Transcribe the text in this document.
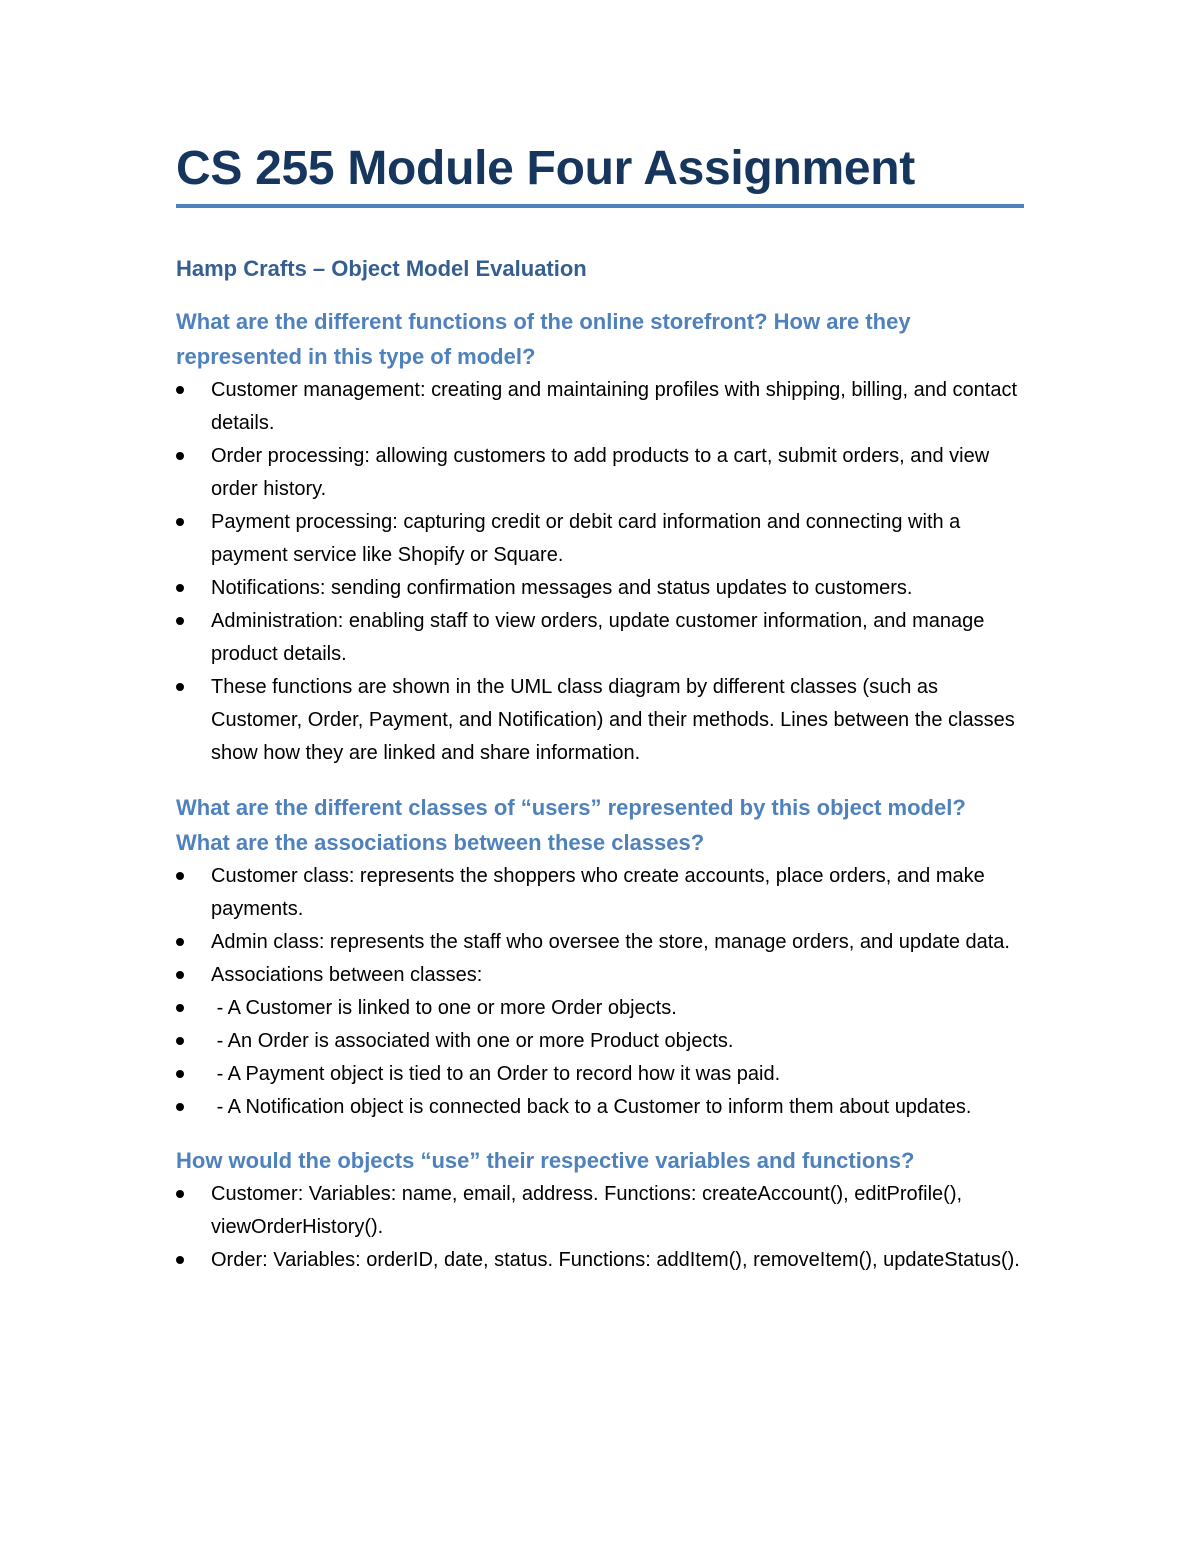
CS 255 Module Four Assignment
Hamp Crafts – Object Model Evaluation
What are the different functions of the online storefront? How are they represented in this type of model?
Customer management: creating and maintaining profiles with shipping, billing, and contact details.
Order processing: allowing customers to add products to a cart, submit orders, and view order history.
Payment processing: capturing credit or debit card information and connecting with a payment service like Shopify or Square.
Notifications: sending confirmation messages and status updates to customers.
Administration: enabling staff to view orders, update customer information, and manage product details.
These functions are shown in the UML class diagram by different classes (such as Customer, Order, Payment, and Notification) and their methods. Lines between the classes show how they are linked and share information.
What are the different classes of “users” represented by this object model? What are the associations between these classes?
Customer class: represents the shoppers who create accounts, place orders, and make payments.
Admin class: represents the staff who oversee the store, manage orders, and update data.
Associations between classes:
- A Customer is linked to one or more Order objects.
- An Order is associated with one or more Product objects.
- A Payment object is tied to an Order to record how it was paid.
- A Notification object is connected back to a Customer to inform them about updates.
How would the objects “use” their respective variables and functions?
Customer: Variables: name, email, address. Functions: createAccount(), editProfile(), viewOrderHistory().
Order: Variables: orderID, date, status. Functions: addItem(), removeItem(), updateStatus().
